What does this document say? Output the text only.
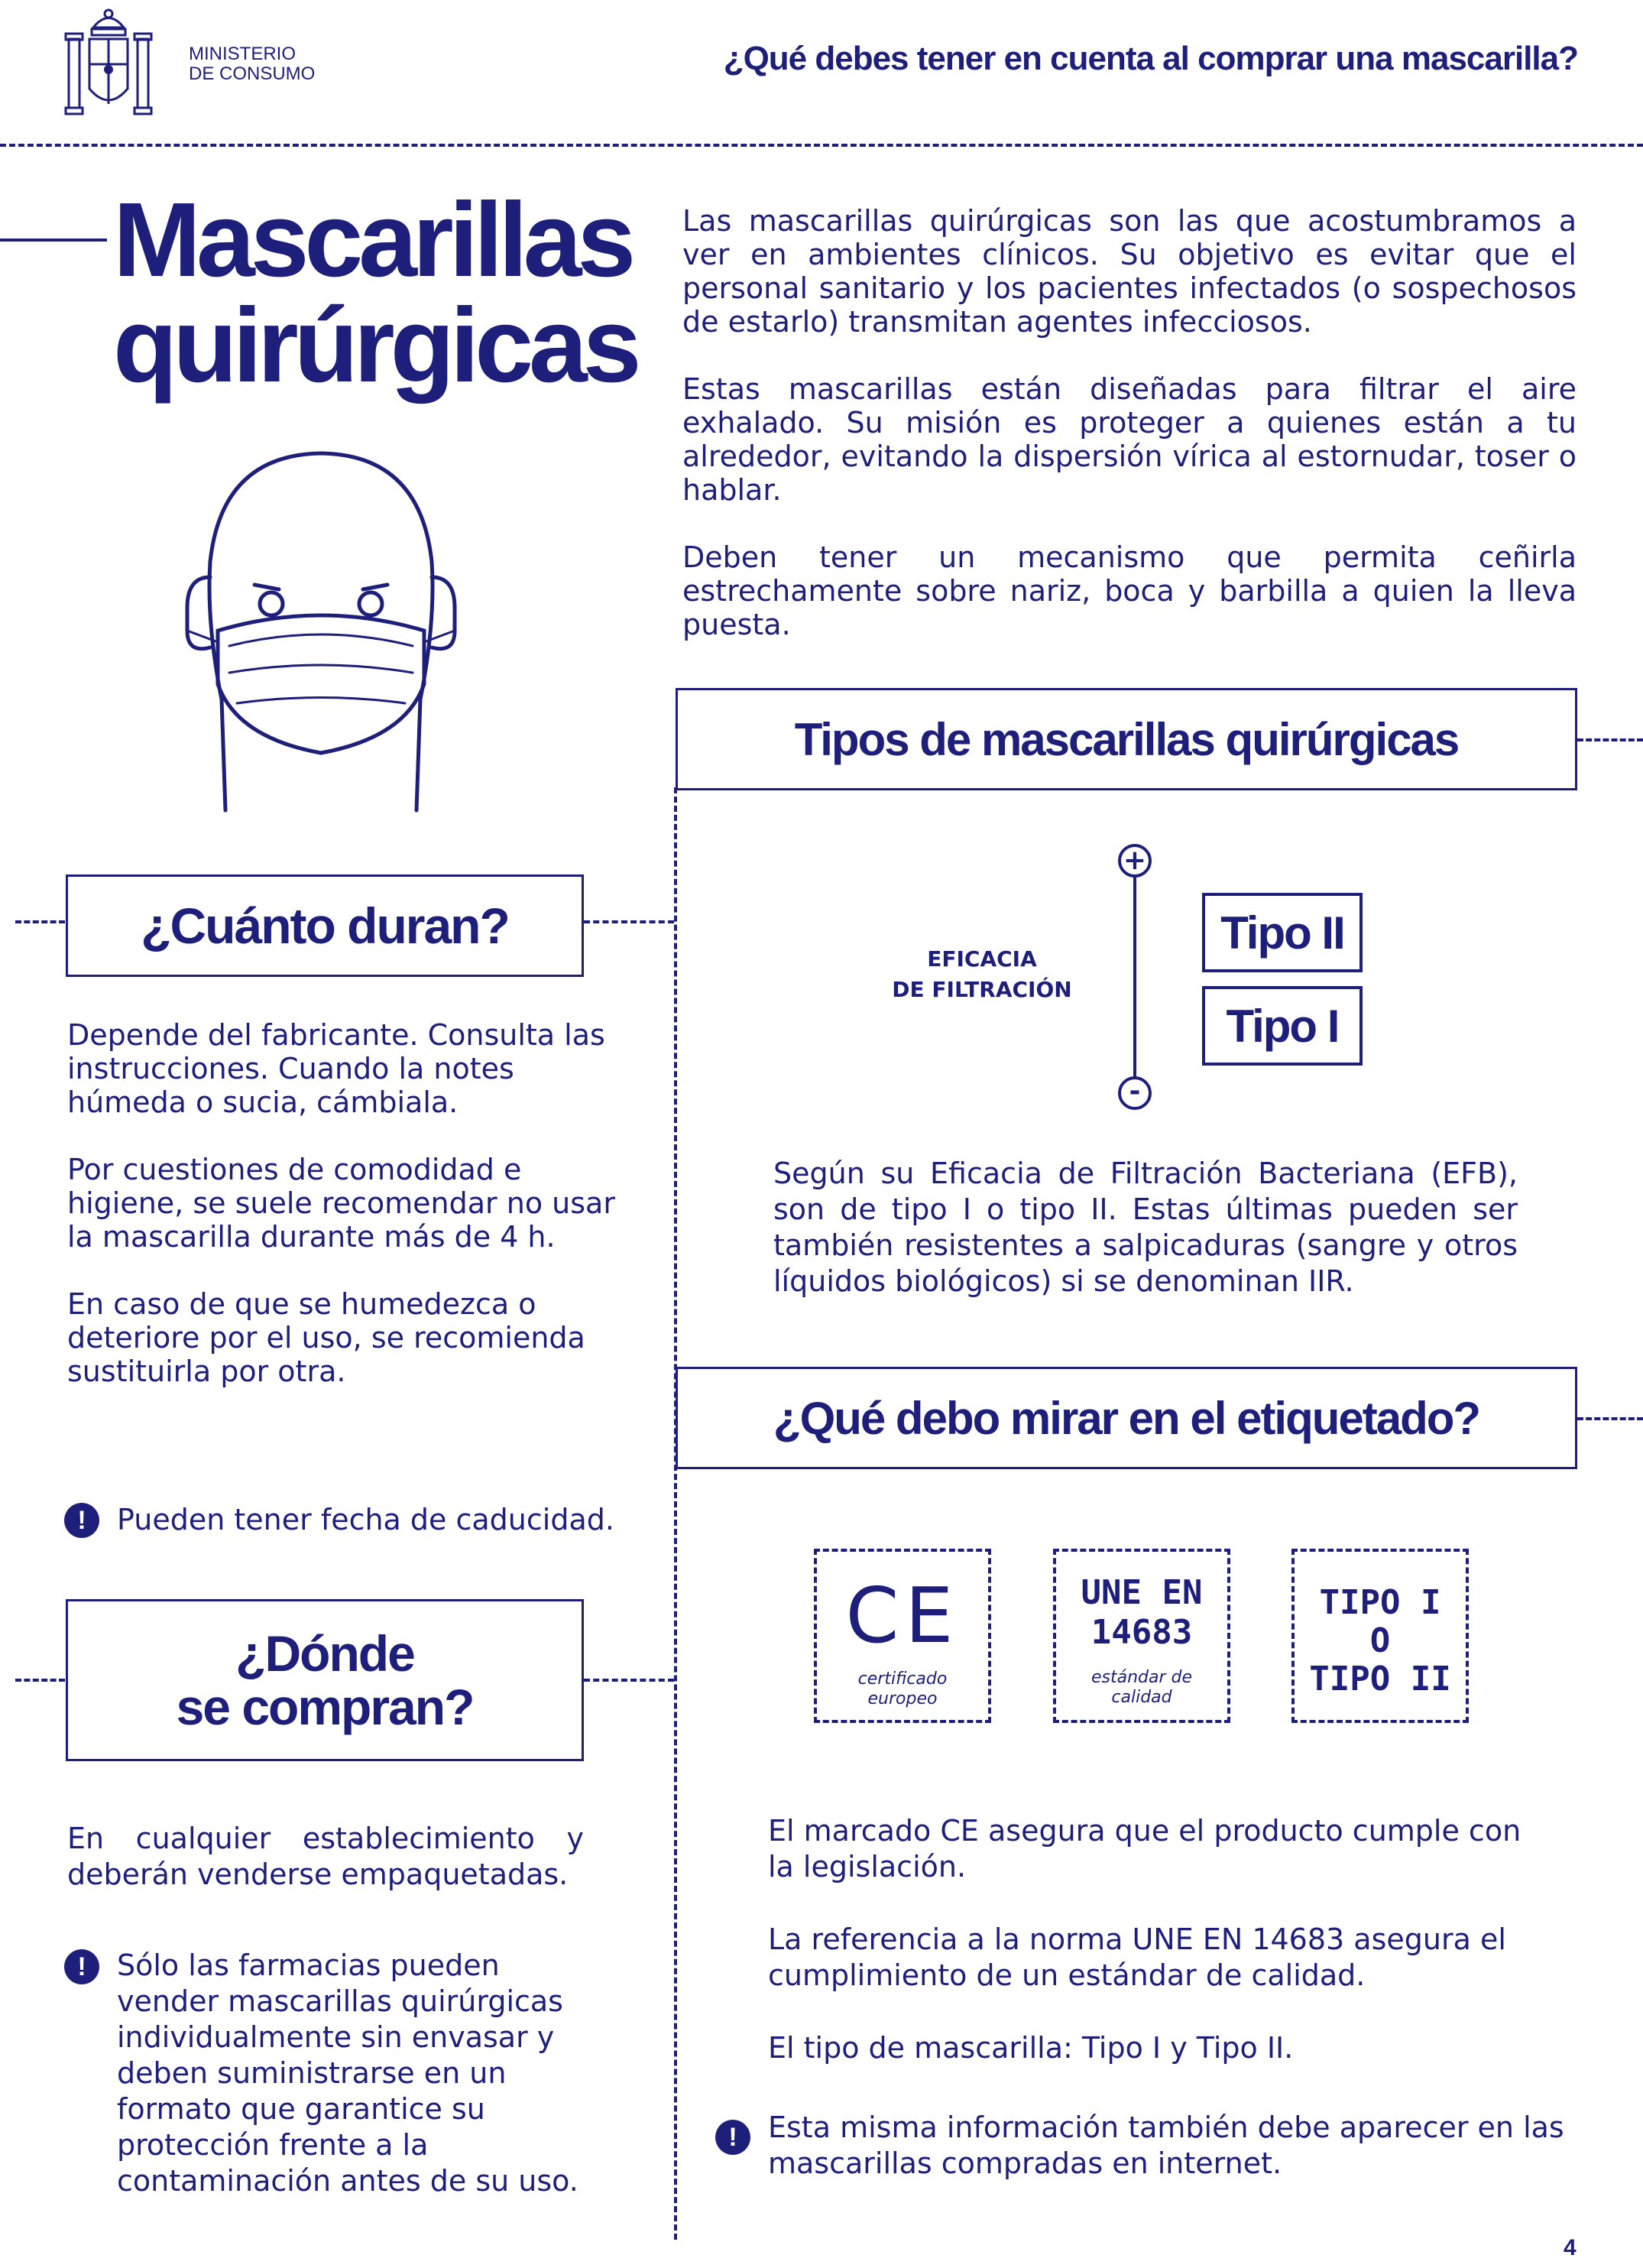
MINISTERIO
DE CONSUMO	¿Qué debes tener en cuenta al comprar una mascarilla?
Mascarillas
quirúrgicas

Las mascarillas quirúrgicas son las que acostumbramos a ver en ambientes clínicos. Su objetivo es evitar que el personal sanitario y los pacientes infectados (o sospechosos de estarlo) transmitan agentes infecciosos.

Estas mascarillas están diseñadas para filtrar el aire exhalado. Su misión es proteger a quienes están a tu alrededor, evitando la dispersión vírica al estornudar, toser o hablar.

Deben tener un mecanismo que permita ceñirla estrechamente sobre nariz, boca y barbilla a quien la lleva puesta.

Tipos de mascarillas quirúrgicas
EFICACIA
DE FILTRACIÓN
+
-
Tipo II
Tipo I

Según su Eficacia de Filtración Bacteriana (EFB), son de tipo I o tipo II. Estas últimas pueden ser también resistentes a salpicaduras (sangre y otros líquidos biológicos) si se denominan IIR.

¿Qué debo mirar en el etiquetado?
CE
certificado
europeo
UNE EN
14683
estándar de
calidad
TIPO I
O
TIPO II

El marcado CE asegura que el producto cumple con la legislación.

La referencia a la norma UNE EN 14683 asegura el cumplimiento de un estándar de calidad.

El tipo de mascarilla: Tipo I y Tipo II.

!	Esta misma información también debe aparecer en las mascarillas compradas en internet.

¿Cuánto duran?

Depende del fabricante. Consulta las instrucciones. Cuando la notes húmeda o sucia, cámbiala.

Por cuestiones de comodidad e higiene, se suele recomendar no usar la mascarilla durante más de 4 h.

En caso de que se humedezca o deteriore por el uso, se recomienda sustituirla por otra.

!	Pueden tener fecha de caducidad.

¿Dónde
se compran?

En cualquier establecimiento y deberán venderse empaquetadas.

!	Sólo las farmacias pueden vender mascarillas quirúrgicas individualmente sin envasar y deben suministrarse en un formato que garantice su protección frente a la contaminación antes de su uso.

4
